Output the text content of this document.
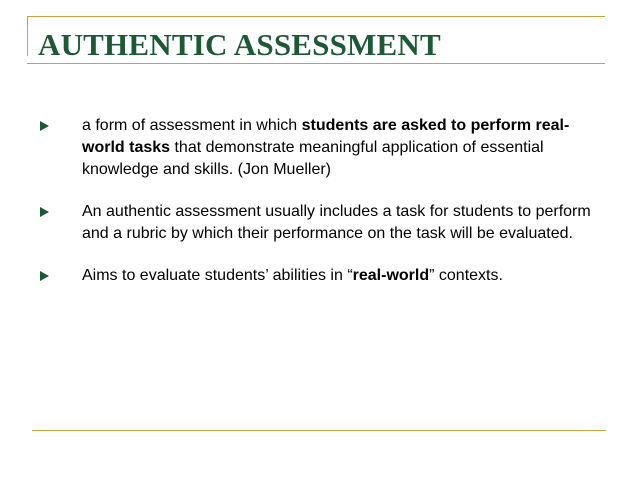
AUTHENTIC ASSESSMENT
a form of assessment in which students are asked to perform real-world tasks that demonstrate meaningful application of essential knowledge and skills. (Jon Mueller)
An authentic assessment usually includes a task for students to perform and a rubric by which their performance on the task will be evaluated.
Aims to evaluate students’ abilities in “real-world” contexts.
